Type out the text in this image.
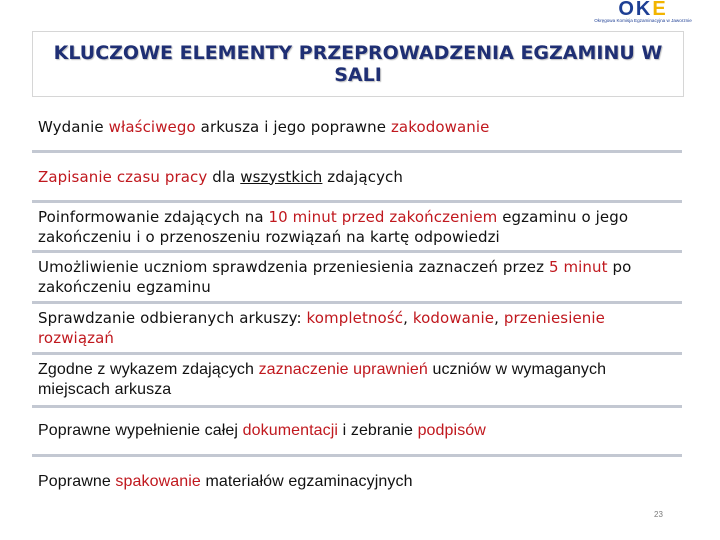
OKE
Okręgowa Komisja Egzaminacyjna w Jaworznie
KLUCZOWE ELEMENTY PRZEPROWADZENIA EGZAMINU W SALI
Wydanie właściwego arkusza i jego poprawne zakodowanie
Zapisanie czasu pracy dla wszystkich zdających
Poinformowanie zdających na 10 minut przed zakończeniem egzaminu o jego zakończeniu i o przenoszeniu rozwiązań na kartę odpowiedzi
Umożliwienie uczniom sprawdzenia przeniesienia zaznaczeń przez 5 minut po zakończeniu egzaminu
Sprawdzanie odbieranych arkuszy: kompletność, kodowanie, przeniesienie rozwiązań
Zgodne z wykazem zdających zaznaczenie uprawnień uczniów w wymaganych miejscach arkusza
Poprawne wypełnienie całej dokumentacji i zebranie podpisów
Poprawne spakowanie materiałów egzaminacyjnych
23
